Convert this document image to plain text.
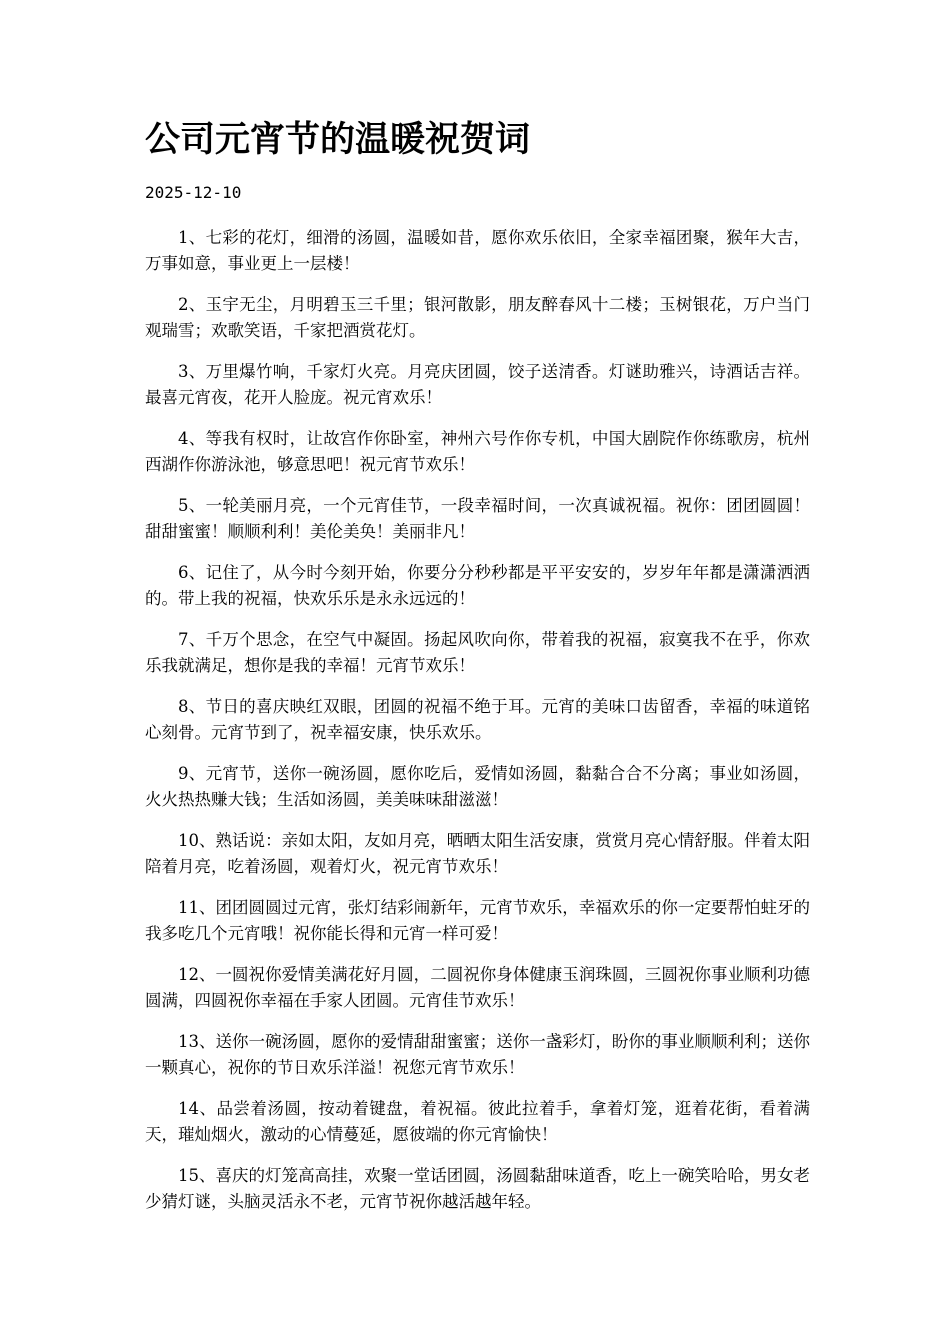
公司元宵节的温暖祝贺词
2025-12-10

1、七彩的花灯，细滑的汤圆，温暖如昔，愿你欢乐依旧，全家幸福团聚，猴年大吉，万事如意，事业更上一层楼！

2、玉宇无尘，月明碧玉三千里；银河散影，朋友醉春风十二楼；玉树银花，万户当门观瑞雪；欢歌笑语，千家把酒赏花灯。

3、万里爆竹响，千家灯火亮。月亮庆团圆，饺子送清香。灯谜助雅兴，诗酒话吉祥。最喜元宵夜，花开人脸庞。祝元宵欢乐！

4、等我有权时，让故宫作你卧室，神州六号作你专机，中国大剧院作你练歌房，杭州西湖作你游泳池，够意思吧！祝元宵节欢乐！

5、一轮美丽月亮，一个元宵佳节，一段幸福时间，一次真诚祝福。祝你：团团圆圆！甜甜蜜蜜！顺顺利利！美伦美奂！美丽非凡！

6、记住了，从今时今刻开始，你要分分秒秒都是平平安安的，岁岁年年都是潇潇洒洒的。带上我的祝福，快欢乐乐是永永远远的！

7、千万个思念，在空气中凝固。扬起风吹向你，带着我的祝福，寂寞我不在乎，你欢乐我就满足，想你是我的幸福！元宵节欢乐！

8、节日的喜庆映红双眼，团圆的祝福不绝于耳。元宵的美味口齿留香，幸福的味道铭心刻骨。元宵节到了，祝幸福安康，快乐欢乐。

9、元宵节，送你一碗汤圆，愿你吃后，爱情如汤圆，黏黏合合不分离；事业如汤圆，火火热热赚大钱；生活如汤圆，美美味味甜滋滋！

10、熟话说：亲如太阳，友如月亮，晒晒太阳生活安康，赏赏月亮心情舒服。伴着太阳陪着月亮，吃着汤圆，观着灯火，祝元宵节欢乐！

11、团团圆圆过元宵，张灯结彩闹新年，元宵节欢乐，幸福欢乐的你一定要帮怕蛀牙的我多吃几个元宵哦！祝你能长得和元宵一样可爱！

12、一圆祝你爱情美满花好月圆，二圆祝你身体健康玉润珠圆，三圆祝你事业顺利功德圆满，四圆祝你幸福在手家人团圆。元宵佳节欢乐！

13、送你一碗汤圆，愿你的爱情甜甜蜜蜜；送你一盏彩灯，盼你的事业顺顺利利；送你一颗真心，祝你的节日欢乐洋溢！祝您元宵节欢乐！

14、品尝着汤圆，按动着键盘，着祝福。彼此拉着手，拿着灯笼，逛着花街，看着满天，璀灿烟火，激动的心情蔓延，愿彼端的你元宵愉快！

15、喜庆的灯笼高高挂，欢聚一堂话团圆，汤圆黏甜味道香，吃上一碗笑哈哈，男女老少猜灯谜，头脑灵活永不老，元宵节祝你越活越年轻。
